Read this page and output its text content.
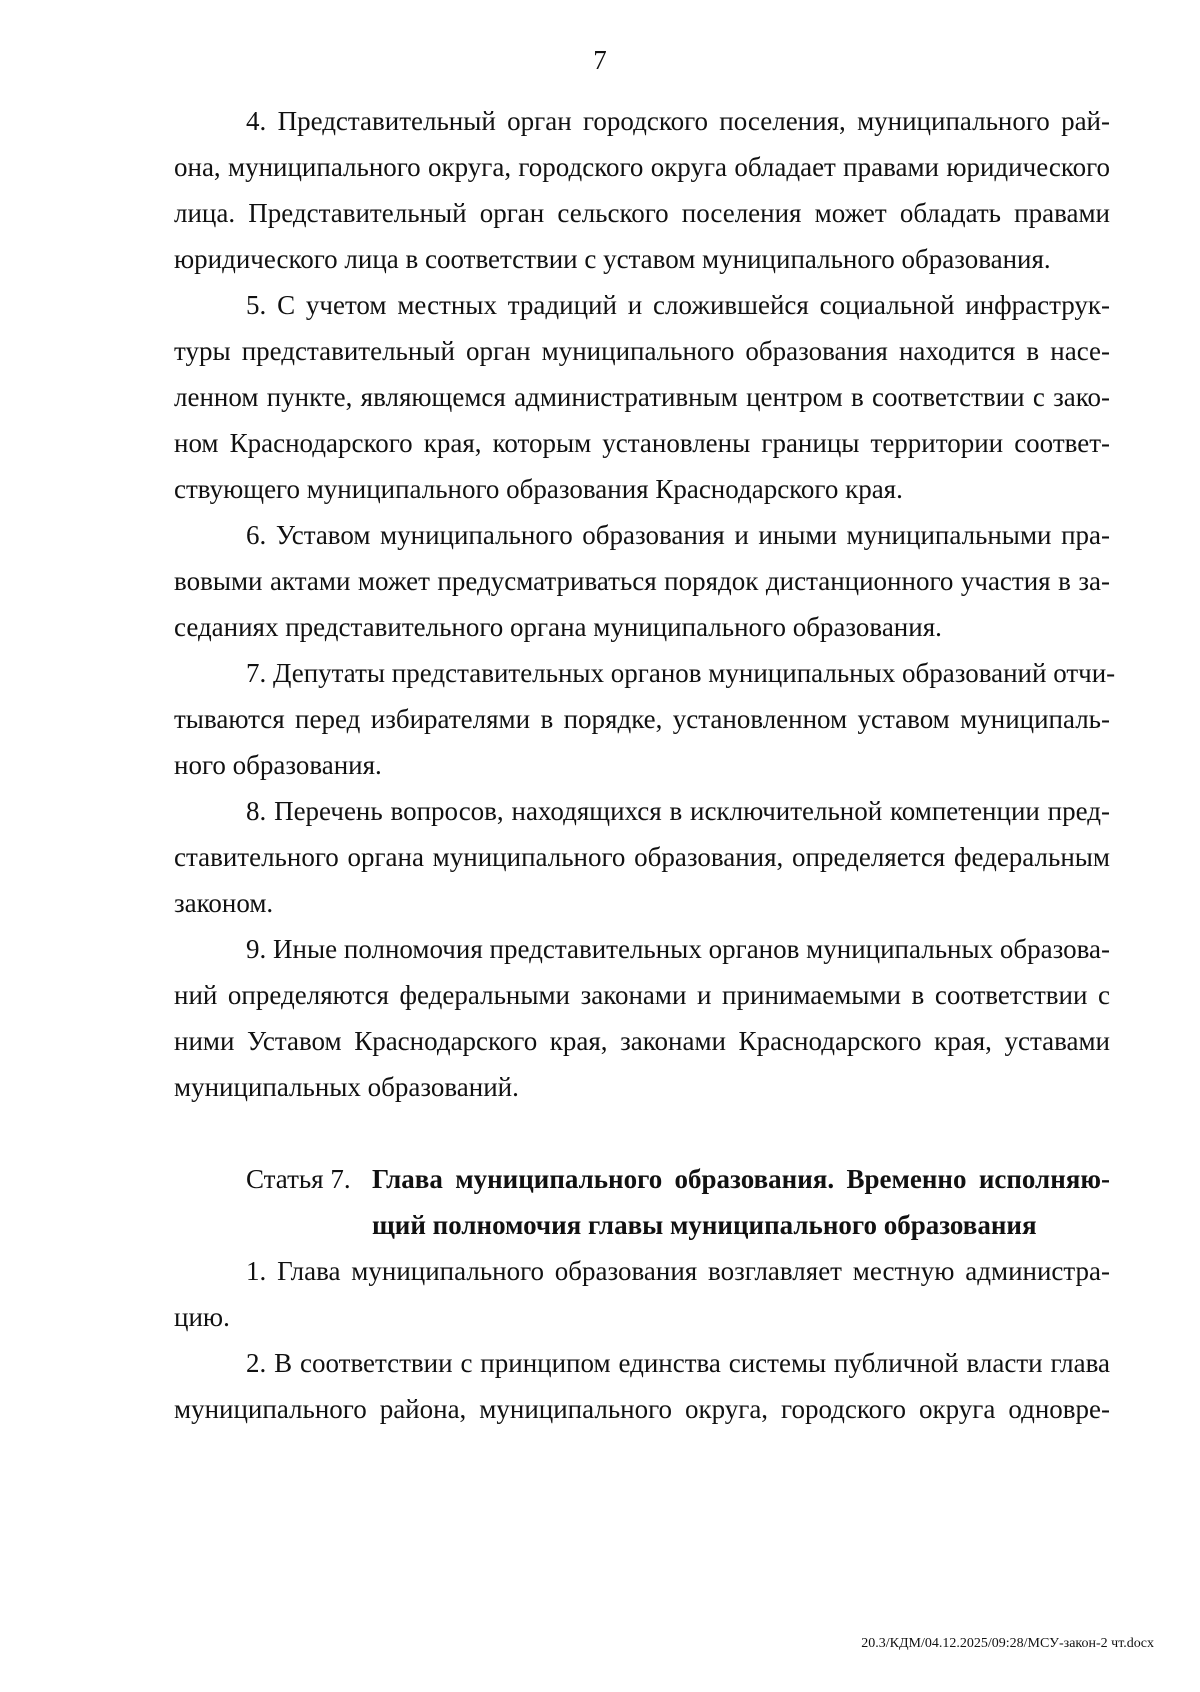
7
4. Представительный орган городского поселения, муниципального рай-
она, муниципального округа, городского округа обладает правами юридического
лица. Представительный орган сельского поселения может обладать правами
юридического лица в соответствии с уставом муниципального образования.
5. С учетом местных традиций и сложившейся социальной инфраструк-
туры представительный орган муниципального образования находится в насе-
ленном пункте, являющемся административным центром в соответствии с зако-
ном Краснодарского края, которым установлены границы территории соответ-
ствующего муниципального образования Краснодарского края.
6. Уставом муниципального образования и иными муниципальными пра-
вовыми актами может предусматриваться порядок дистанционного участия в за-
седаниях представительного органа муниципального образования.
7. Депутаты представительных органов муниципальных образований отчи-
тываются перед избирателями в порядке, установленном уставом муниципаль-
ного образования.
8. Перечень вопросов, находящихся в исключительной компетенции пред-
ставительного органа муниципального образования, определяется федеральным
законом.
9. Иные полномочия представительных органов муниципальных образова-
ний определяются федеральными законами и принимаемыми в соответствии с
ними Уставом Краснодарского края, законами Краснодарского края, уставами
муниципальных образований.
Статья 7. Глава муниципального образования. Временно исполняю-
щий полномочия главы муниципального образования
1. Глава муниципального образования возглавляет местную администра-
цию.
2. В соответствии с принципом единства системы публичной власти глава
муниципального района, муниципального округа, городского округа одновре-
20.3/КДМ/04.12.2025/09:28/МСУ-закон-2 чт.docx
